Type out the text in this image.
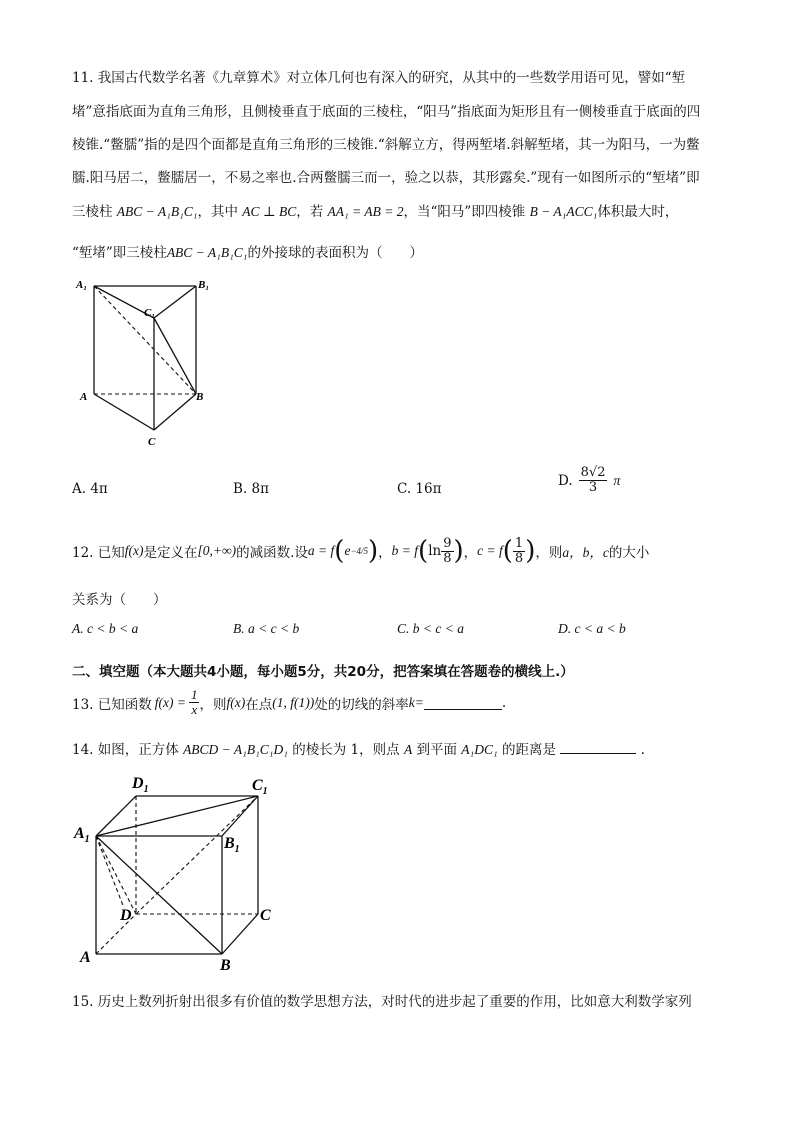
11. 我国古代数学名著《九章算术》对立体几何也有深入的研究，从其中的一些数学用语可见，譬如“堑
堵”意指底面为直角三角形，且侧棱垂直于底面的三棱柱，“阳马”指底面为矩形且有一侧棱垂直于底面的四
棱锥.“鳖臑”指的是四个面都是直角三角形的三棱锥.“斜解立方，得两堑堵.斜解堑堵，其一为阳马，一为鳖
臑.阳马居二，鳖臑居一，不易之率也.合两鳖臑三而一，验之以恭，其形露矣.”现有一如图所示的“堑堵”即
三棱柱 ABC − A₁B₁C₁，其中 AC ⊥ BC，若 AA₁ = AB = 2，当“阳马”即四棱锥 B − A₁ACC₁体积最大时，
“堑堵”即三棱柱ABC − A₁B₁C₁的外接球的表面积为（　　）
A₁	B₁
C₁
A	B
C
A. 4π	B. 8π	C. 16π
D. $\frac{8√2}{3}$ π
12. 已知 f(x) 是定义在 [0,+∞) 的减函数.设 a = f ( e −4/5 ) ， b = f ( $\ln \frac{9}{8}$ ) ， c = f ( $\frac{1}{8}$ ) ，则 a，b，c 的大小
关系为（　　）
A. c < b < a	B. a < c < b	C. b < c < a	D. c < a < b
二、填空题（本大题共4小题，每小题5分，共20分，把答案填在答题卷的横线上.）
13. 已知函数 $f(x) = \frac{1}{x}$ ，则 f(x) 在点 (1, f(1)) 处的切线的斜率 k=	.
14. 如图，正方体 ABCD − A₁B₁C₁D₁ 的棱长为 1，则点 A 到平面 A₁DC₁ 的距离是	.
$D_1$	$C_1$
$A_1$	$B_1$
D	C
A	B
15. 历史上数列折射出很多有价值的数学思想方法，对时代的进步起了重要的作用，比如意大利数学家列
